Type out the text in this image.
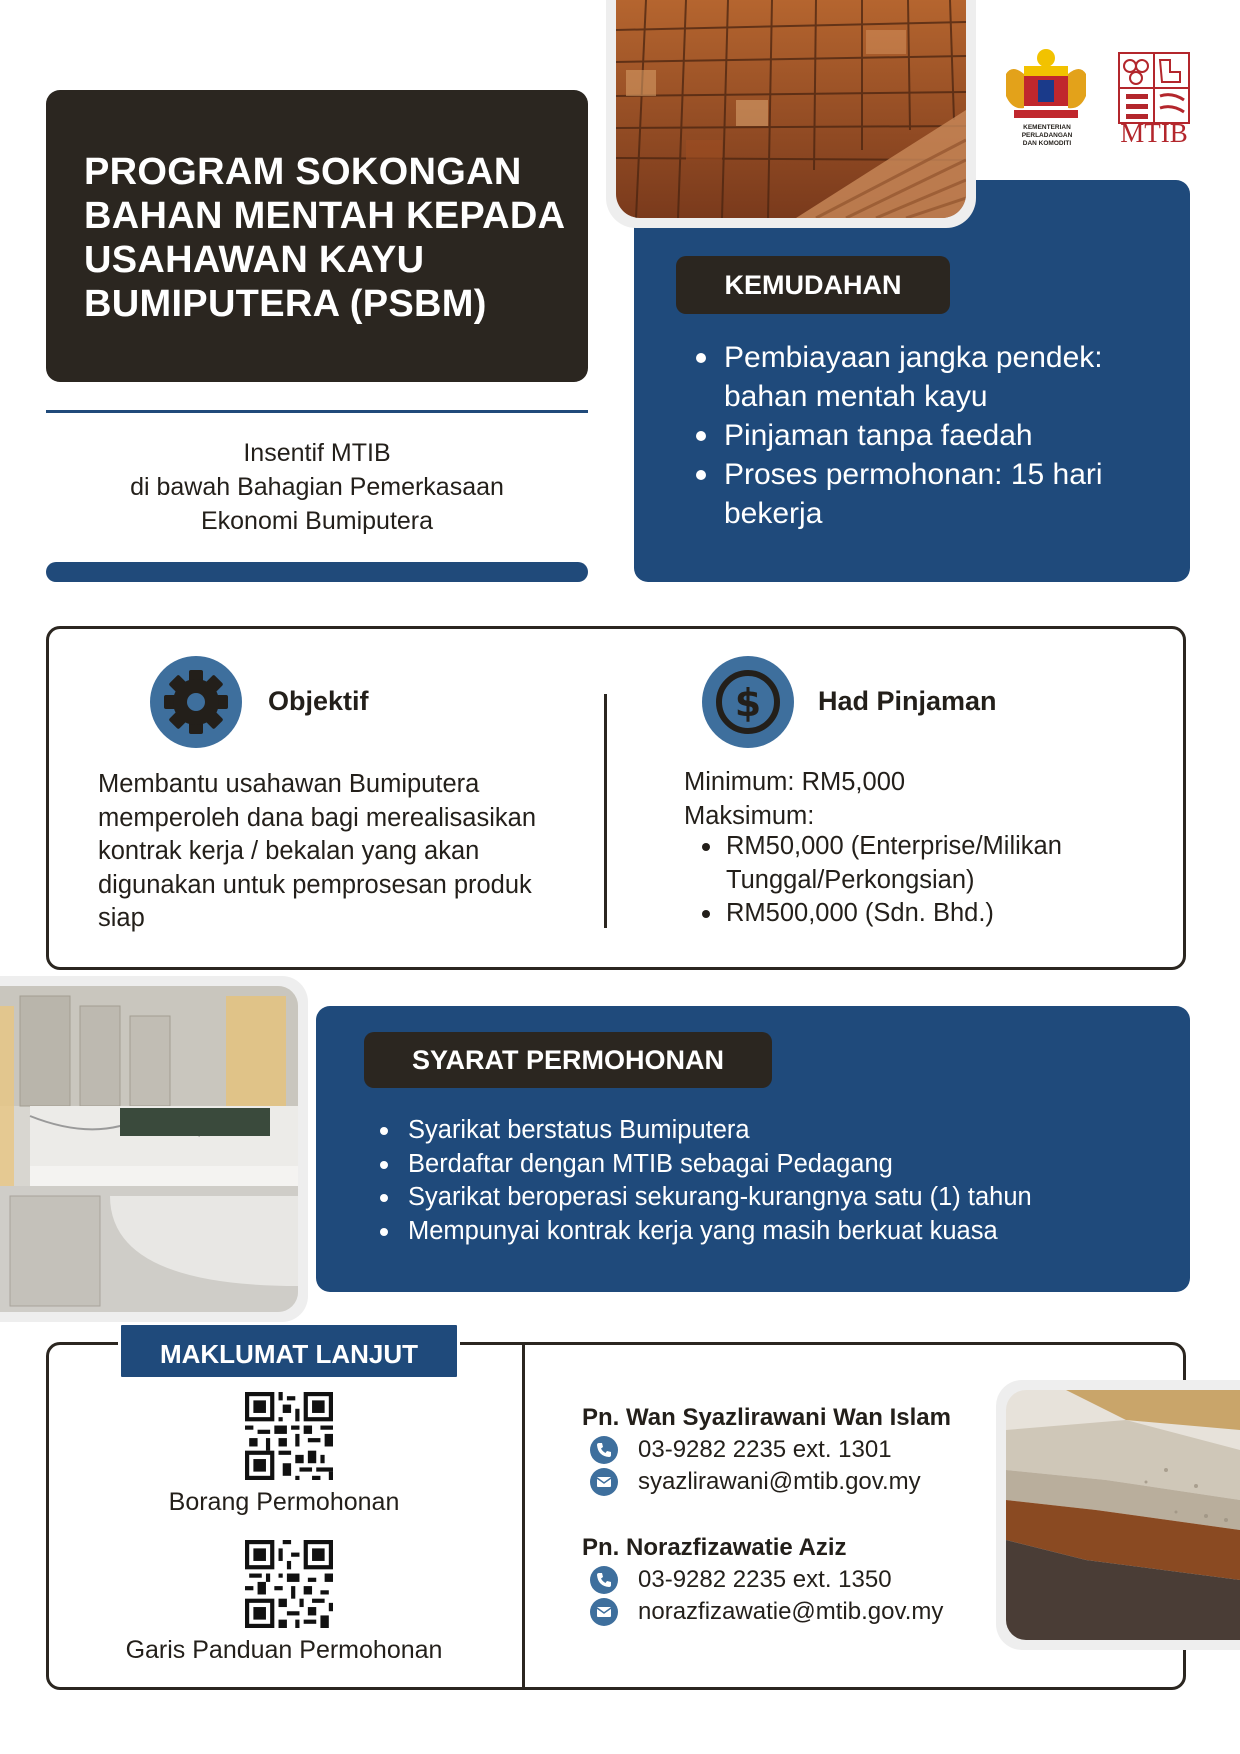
PROGRAM SOKONGAN
BAHAN MENTAH KEPADA
USAHAWAN KAYU
BUMIPUTERA (PSBM)
Insentif MTIB
di bawah Bahagian Pemerkasaan
Ekonomi Bumiputera
KEMENTERIAN PERLADANGAN
DAN KOMODITI	MTIB
KEMUDAHAN
Pembiayaan jangka pendek: bahan mentah kayu
Pinjaman tanpa faedah
Proses permohonan: 15 hari bekerja
Objektif
Membantu usahawan Bumiputera memperoleh dana bagi merealisasikan kontrak kerja / bekalan yang akan digunakan untuk pemprosesan produk siap
$ Had Pinjaman
Minimum: RM5,000
Maksimum:
RM50,000 (Enterprise/Milikan Tunggal/Perkongsian)
RM500,000 (Sdn. Bhd.)
SYARAT PERMOHONAN
Syarikat berstatus Bumiputera
Berdaftar dengan MTIB sebagai Pedagang
Syarikat beroperasi sekurang-kurangnya satu (1) tahun
Mempunyai kontrak kerja yang masih berkuat kuasa
MAKLUMAT LANJUT
Borang Permohonan
Garis Panduan Permohonan
Pn. Wan Syazlirawani Wan Islam
03-9282 2235 ext. 1301
syazlirawani@mtib.gov.my
Pn. Norazfizawatie Aziz
03-9282 2235 ext. 1350
norazfizawatie@mtib.gov.my
